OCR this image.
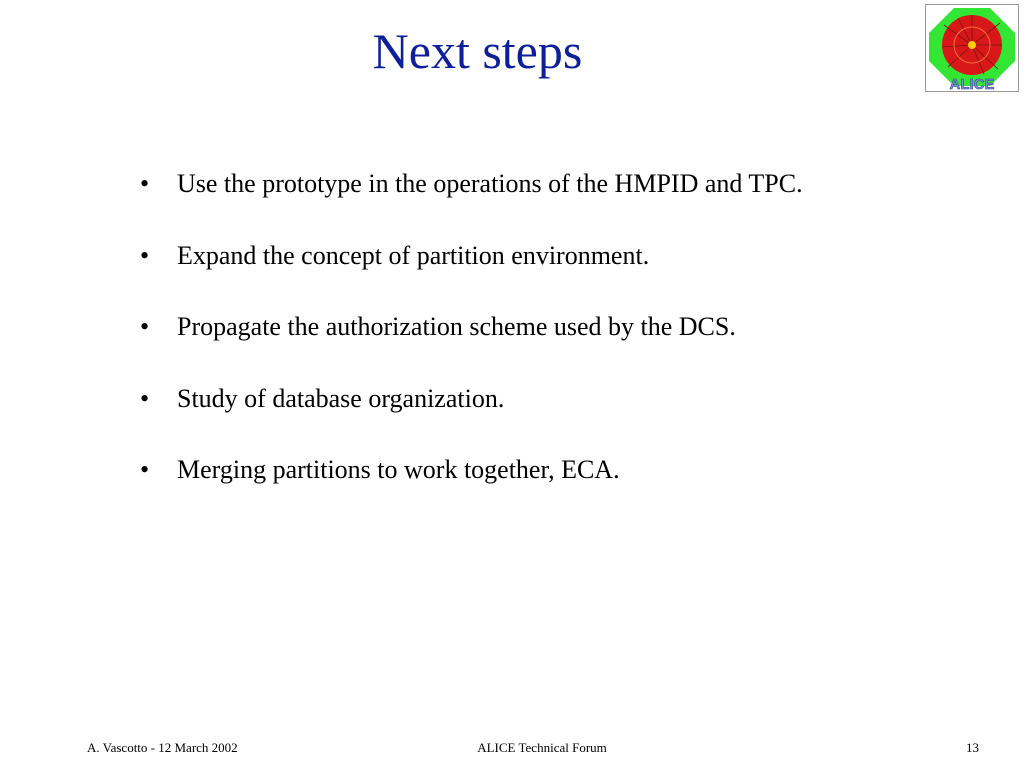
Next steps
ALICE
• Use the prototype in the operations of the HMPID and TPC.
• Expand the concept of partition environment.
• Propagate the authorization scheme used by the DCS.
• Study of database organization.
• Merging partitions to work together, ECA.
A. Vascotto - 12 March 2002	ALICE Technical Forum	13
